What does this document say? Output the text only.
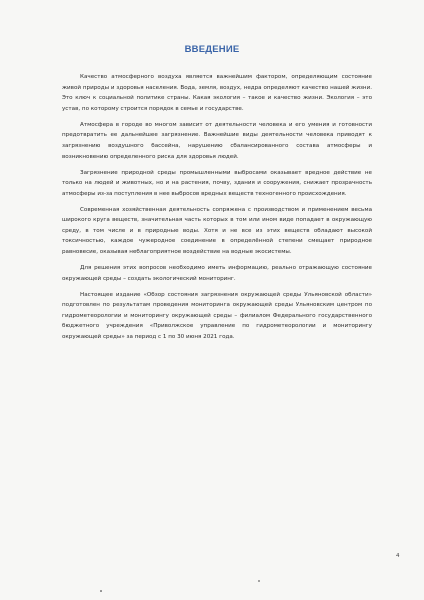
ВВЕДЕНИЕ

Качество атмосферного воздуха является важнейшим фактором, определяющим состояние живой природы и здоровья населения. Вода, земля, воздух, недра определяют качество нашей жизни. Это ключ к социальной политике страны. Какая экология – такое и качество жизни. Экология – это устав, по которому строится порядок в семье и государстве.

Атмосфера в городе во многом зависит от деятельности человека и его умения и готовности предотвратить ее дальнейшее загрязнение. Важнейшие виды деятельности человека приводят к загрязнению воздушного бассейна, нарушению сбалансированного состава атмосферы и возникновению определенного риска для здоровья людей.

Загрязнение природной среды промышленными выбросами оказывает вредное действие не только на людей и животных, но и на растения, почву, здания и сооружения, снижает прозрачность атмосферы из-за поступления в нее выбросов вредных веществ техногенного происхождения.

Современная хозяйственная деятельность сопряжена с производством и применением весьма широкого круга веществ, значительная часть которых в том или ином виде попадает в окружающую среду, в том числе и в природные воды. Хотя и не все из этих веществ обладают высокой токсичностью, каждое чужеродное соединение в определённой степени смещает природное равновесие, оказывая неблагоприятное воздействие на водные экосистемы.

Для решения этих вопросов необходимо иметь информацию, реально отражающую состояние окружающей среды – создать экологический мониторинг.

Настоящее издание «Обзор состояния загрязнения окружающей среды Ульяновской области» подготовлен по результатам проведения мониторинга окружающей среды Ульяновским центром по гидрометеорологии и мониторингу окружающей среды – филиалом Федерального государственного бюджетного учреждения «Приволжское управление по гидрометеорологии и мониторингу окружающей среды» за период с 1 по 30 июня 2021 года.

4
